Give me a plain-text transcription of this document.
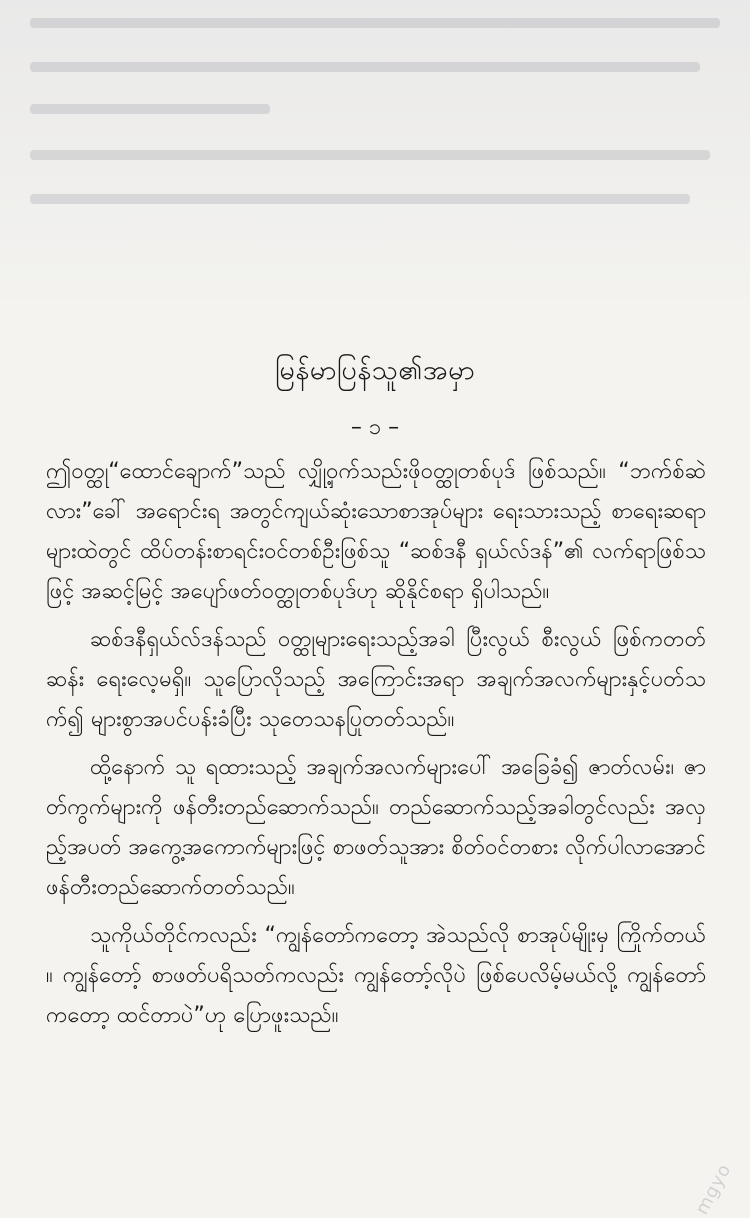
မြန်မာပြန်သူ၏အမှာ
– ၁ –

ဤဝတ္ထု“ထောင်ချောက်”သည် လျှို့ဝှက်သည်းဖိုဝတ္ထုတစ်ပုဒ် ဖြစ်သည်။ “ဘက်စ်ဆဲလား”ခေါ် အရောင်းရ အတွင်ကျယ်ဆုံးသောစာအုပ်များ ရေးသားသည့် စာရေးဆရာများထဲတွင် ထိပ်တန်းစာရင်းဝင်တစ်ဦးဖြစ်သူ “ဆစ်ဒနီ ရှယ်လ်ဒန်”၏ လက်ရာဖြစ်သဖြင့် အဆင့်မြင့် အပျော်ဖတ်ဝတ္ထုတစ်ပုဒ်ဟု ဆိုနိုင်စရာ ရှိပါသည်။

ဆစ်ဒနီရှယ်လ်ဒန်သည် ဝတ္ထုများရေးသည့်အခါ ပြီးလွယ် စီးလွယ် ဖြစ်ကတတ်ဆန်း ရေးလေ့မရှိ။ သူပြောလိုသည့် အကြောင်းအရာ အချက်အလက်များနှင့်ပတ်သက်၍ များစွာအပင်ပန်းခံပြီး သုတေသနပြုတတ်သည်။

ထို့နောက် သူ ရထားသည့် အချက်အလက်များပေါ် အခြေခံ၍ ဇာတ်လမ်း၊ ဇာတ်ကွက်များကို ဖန်တီးတည်ဆောက်သည်။ တည်ဆောက်သည့်အခါတွင်လည်း အလှည့်အပတ် အကွေ့အကောက်များဖြင့် စာဖတ်သူအား စိတ်ဝင်တစား လိုက်ပါလာအောင် ဖန်တီးတည်ဆောက်တတ်သည်။

သူကိုယ်တိုင်ကလည်း “ကျွန်တော်ကတော့ အဲသည်လို စာအုပ်မျိုးမှ ကြိုက်တယ်။ ကျွန်တော့် စာဖတ်ပရိသတ်ကလည်း ကျွန်တော့်လိုပဲ ဖြစ်ပေလိမ့်မယ်လို့ ကျွန်တော်ကတော့ ထင်တာပဲ”ဟု ပြောဖူးသည်။

mgyo
